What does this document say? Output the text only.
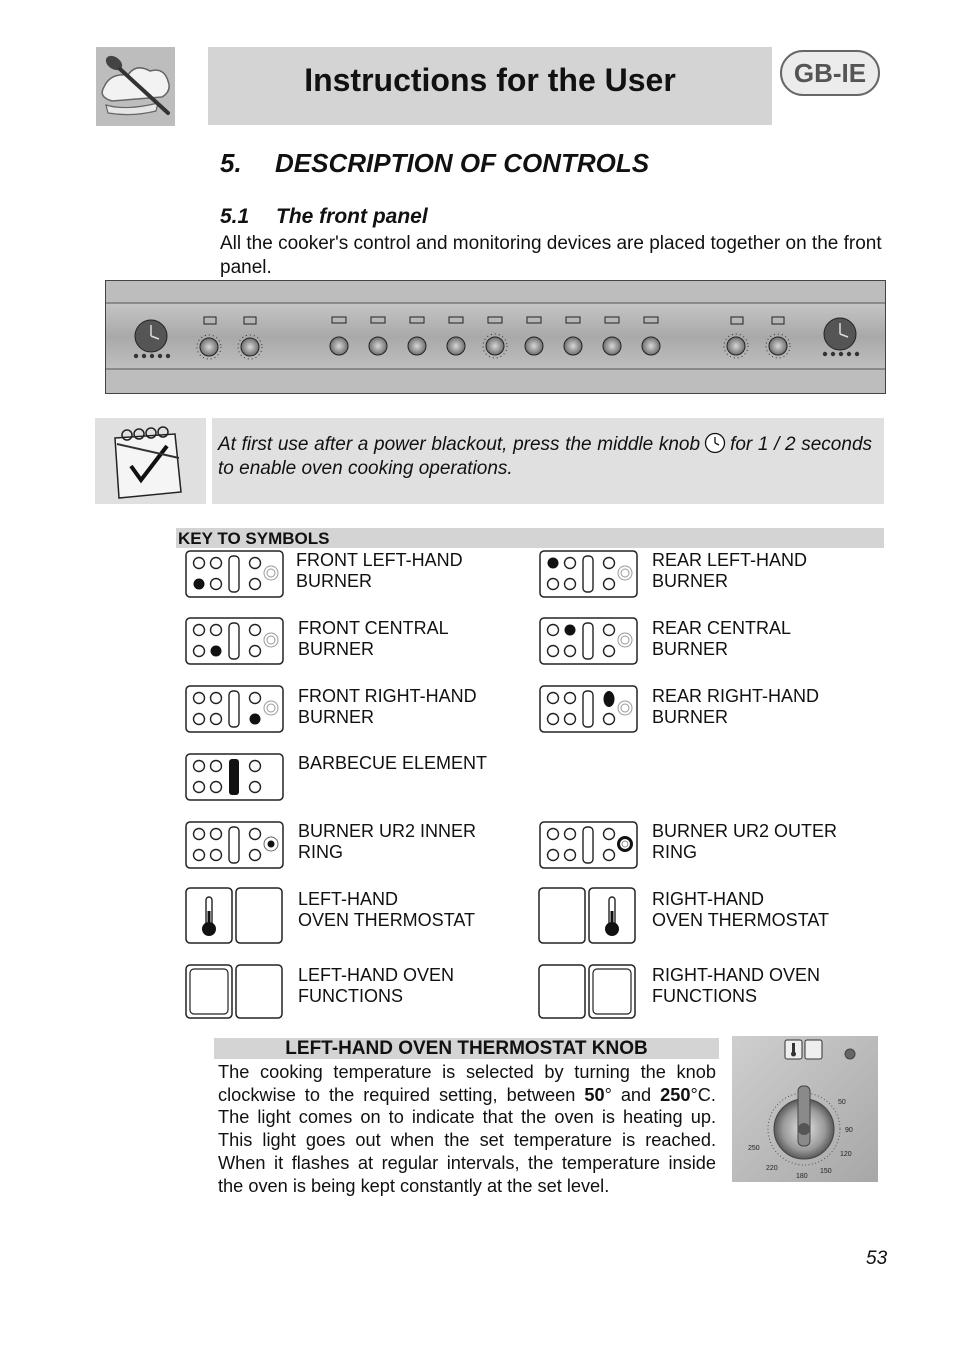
Instructions for the User	GB-IE
5. DESCRIPTION OF CONTROLS
5.1 The front panel
All the cooker's control and monitoring devices are placed together on the front panel.
At first use after a power blackout, press the middle knob for 1 / 2 seconds to enable oven cooking operations.
KEY TO SYMBOLS
FRONT LEFT-HAND
BURNER
FRONT CENTRAL
BURNER
FRONT RIGHT-HAND
BURNER
BARBECUE ELEMENT
BURNER UR2 INNER
RING
LEFT-HAND
OVEN THERMOSTAT
LEFT-HAND OVEN
FUNCTIONS
REAR LEFT-HAND
BURNER
REAR CENTRAL
BURNER
REAR RIGHT-HAND
BURNER
BURNER UR2 OUTER
RING
RIGHT-HAND
OVEN THERMOSTAT
RIGHT-HAND OVEN
FUNCTIONS
LEFT-HAND OVEN THERMOSTAT KNOB
The cooking temperature is selected by turning the knob clockwise to the required setting, between 50° and 250°C. The light comes on to indicate that the oven is heating up. This light goes out when the set temperature is reached. When it flashes at regular intervals, the temperature inside the oven is being kept constantly at the set level.
50
90
120
150
180
220
250
53
